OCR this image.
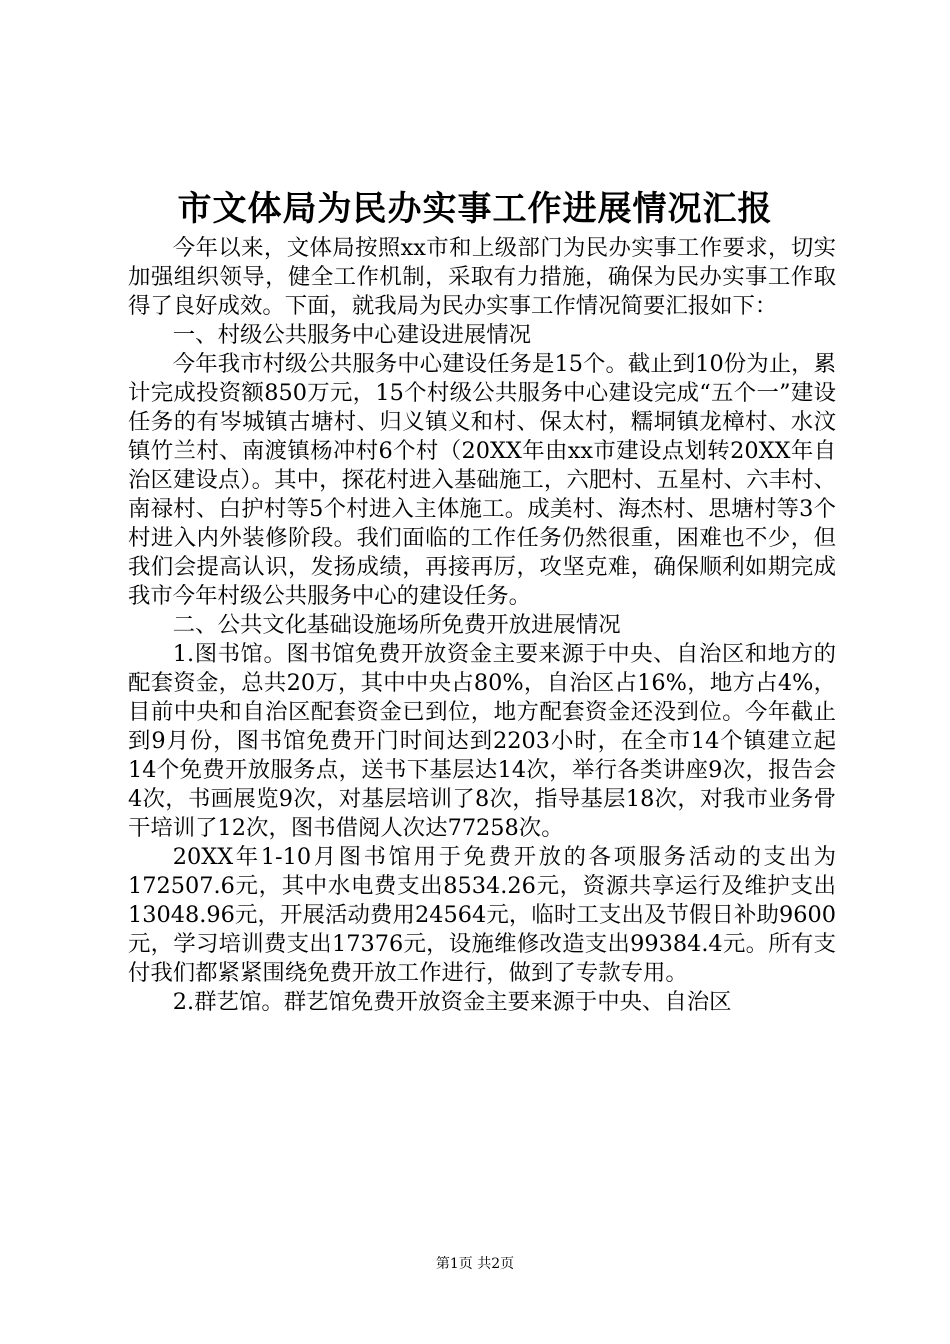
市文体局为民办实事工作进展情况汇报

今年以来，文体局按照xx市和上级部门为民办实事工作要求，切实加强组织领导，健全工作机制，采取有力措施，确保为民办实事工作取得了良好成效。下面，就我局为民办实事工作情况简要汇报如下：

一、村级公共服务中心建设进展情况

今年我市村级公共服务中心建设任务是15个。截止到10份为止，累计完成投资额850万元，15个村级公共服务中心建设完成“五个一”建设任务的有岑城镇古塘村、归义镇义和村、保太村，糯垌镇龙樟村、水汶镇竹兰村、南渡镇杨冲村6个村（20XX年由xx市建设点划转20XX年自治区建设点）。其中，探花村进入基础施工，六肥村、五星村、六丰村、南禄村、白护村等5个村进入主体施工。成美村、海杰村、思塘村等3个村进入内外装修阶段。我们面临的工作任务仍然很重，困难也不少，但我们会提高认识，发扬成绩，再接再厉，攻坚克难，确保顺利如期完成我市今年村级公共服务中心的建设任务。

二、公共文化基础设施场所免费开放进展情况

1.图书馆。图书馆免费开放资金主要来源于中央、自治区和地方的配套资金，总共20万，其中中央占80%，自治区占16%，地方占4%，目前中央和自治区配套资金已到位，地方配套资金还没到位。今年截止到9月份，图书馆免费开门时间达到2203小时，在全市14个镇建立起14个免费开放服务点，送书下基层达14次，举行各类讲座9次，报告会4次，书画展览9次，对基层培训了8次，指导基层18次，对我市业务骨干培训了12次，图书借阅人次达77258次。

20XX年1-10月图书馆用于免费开放的各项服务活动的支出为172507.6元，其中水电费支出8534.26元，资源共享运行及维护支出13048.96元，开展活动费用24564元，临时工支出及节假日补助9600元，学习培训费支出17376元，设施维修改造支出99384.4元。所有支付我们都紧紧围绕免费开放工作进行，做到了专款专用。

2.群艺馆。群艺馆免费开放资金主要来源于中央、自治区

第1页 共2页
